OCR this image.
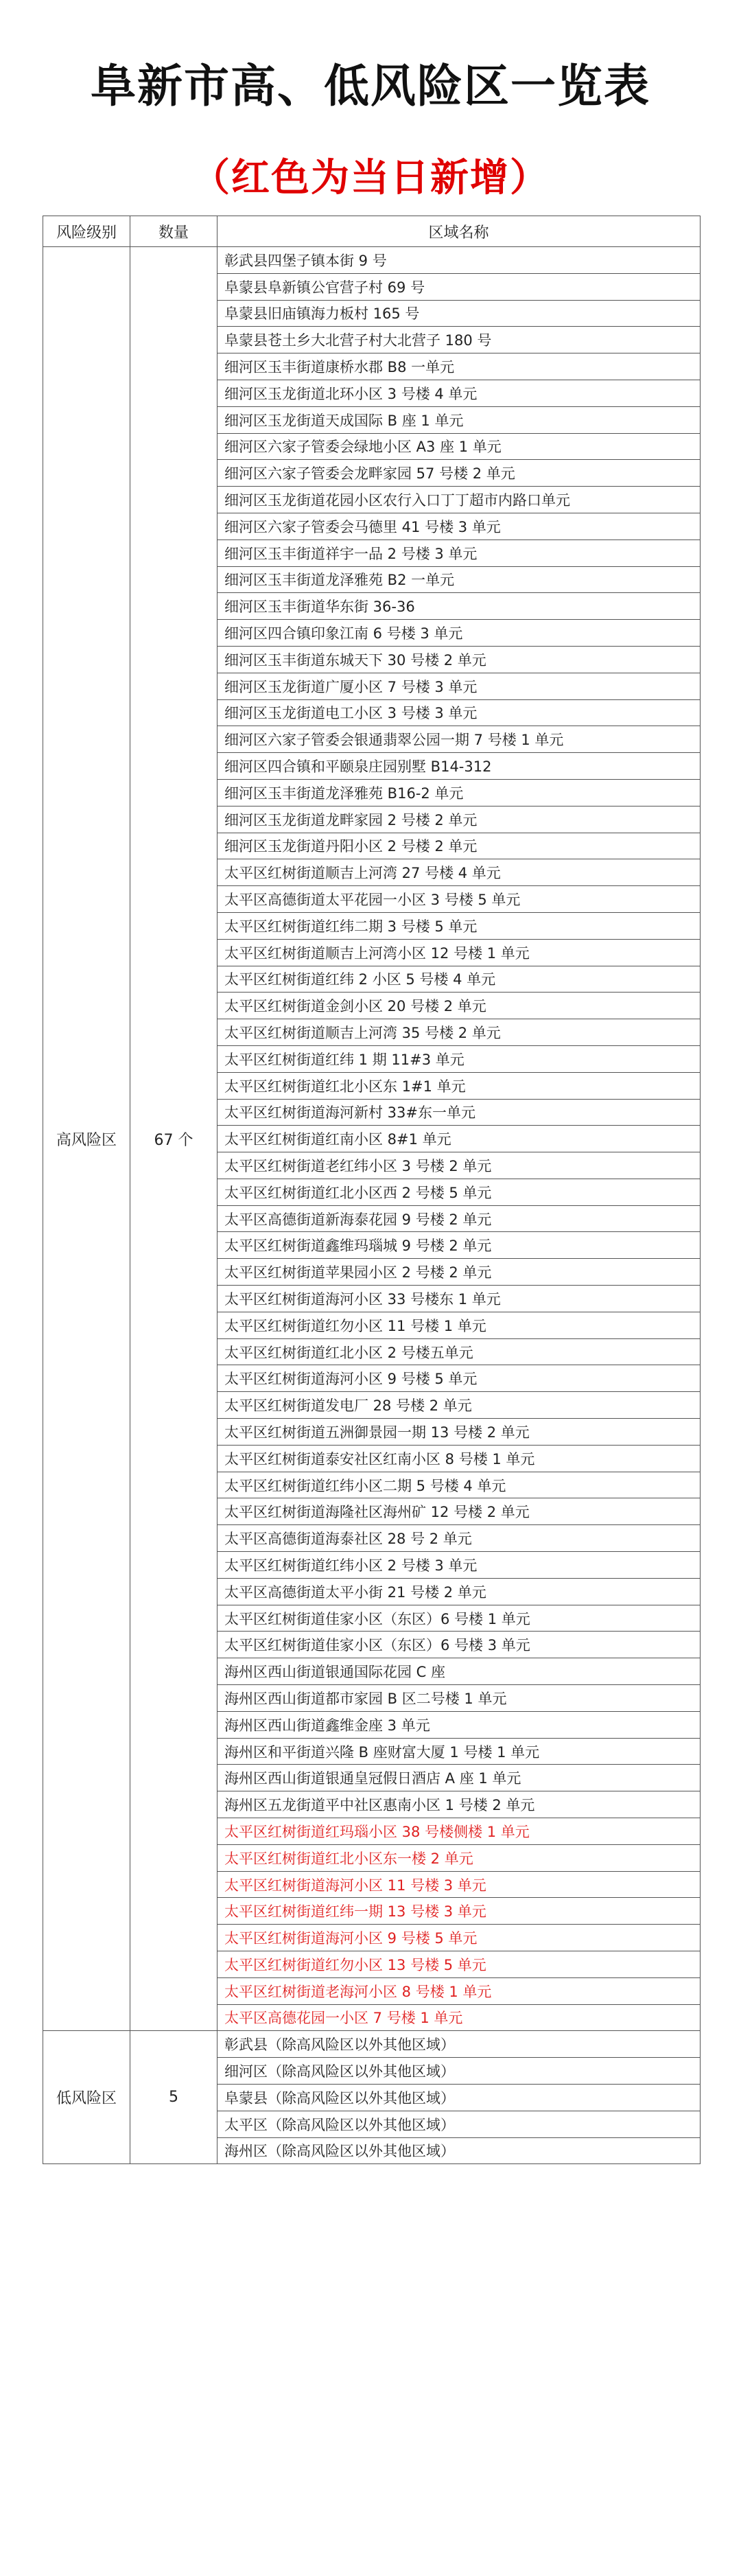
阜新市高、低风险区一览表
（红色为当日新增）
风险级别	数量	区域名称
高风险区	67 个	彰武县四堡子镇本街 9 号
		阜蒙县阜新镇公官营子村 69 号
		阜蒙县旧庙镇海力板村 165 号
		阜蒙县苍土乡大北营子村大北营子 180 号
		细河区玉丰街道康桥水郡 B8 一单元
		细河区玉龙街道北环小区 3 号楼 4 单元
		细河区玉龙街道天成国际 B 座 1 单元
		细河区六家子管委会绿地小区 A3 座 1 单元
		细河区六家子管委会龙畔家园 57 号楼 2 单元
		细河区玉龙街道花园小区农行入口丁丁超市内路口单元
		细河区六家子管委会马德里 41 号楼 3 单元
		细河区玉丰街道祥宇一品 2 号楼 3 单元
		细河区玉丰街道龙泽雅苑 B2 一单元
		细河区玉丰街道华东街 36-36
		细河区四合镇印象江南 6 号楼 3 单元
		细河区玉丰街道东城天下 30 号楼 2 单元
		细河区玉龙街道广厦小区 7 号楼 3 单元
		细河区玉龙街道电工小区 3 号楼 3 单元
		细河区六家子管委会银通翡翠公园一期 7 号楼 1 单元
		细河区四合镇和平颐泉庄园别墅 B14-312
		细河区玉丰街道龙泽雅苑 B16-2 单元
		细河区玉龙街道龙畔家园 2 号楼 2 单元
		细河区玉龙街道丹阳小区 2 号楼 2 单元
		太平区红树街道顺吉上河湾 27 号楼 4 单元
		太平区高德街道太平花园一小区 3 号楼 5 单元
		太平区红树街道红纬二期 3 号楼 5 单元
		太平区红树街道顺吉上河湾小区 12 号楼 1 单元
		太平区红树街道红纬 2 小区 5 号楼 4 单元
		太平区红树街道金剑小区 20 号楼 2 单元
		太平区红树街道顺吉上河湾 35 号楼 2 单元
		太平区红树街道红纬 1 期 11#3 单元
		太平区红树街道红北小区东 1#1 单元
		太平区红树街道海河新村 33#东一单元
		太平区红树街道红南小区 8#1 单元
		太平区红树街道老红纬小区 3 号楼 2 单元
		太平区红树街道红北小区西 2 号楼 5 单元
		太平区高德街道新海泰花园 9 号楼 2 单元
		太平区红树街道鑫维玛瑙城 9 号楼 2 单元
		太平区红树街道苹果园小区 2 号楼 2 单元
		太平区红树街道海河小区 33 号楼东 1 单元
		太平区红树街道红勿小区 11 号楼 1 单元
		太平区红树街道红北小区 2 号楼五单元
		太平区红树街道海河小区 9 号楼 5 单元
		太平区红树街道发电厂 28 号楼 2 单元
		太平区红树街道五洲御景园一期 13 号楼 2 单元
		太平区红树街道泰安社区红南小区 8 号楼 1 单元
		太平区红树街道红纬小区二期 5 号楼 4 单元
		太平区红树街道海隆社区海州矿 12 号楼 2 单元
		太平区高德街道海泰社区 28 号 2 单元
		太平区红树街道红纬小区 2 号楼 3 单元
		太平区高德街道太平小街 21 号楼 2 单元
		太平区红树街道佳家小区（东区）6 号楼 1 单元
		太平区红树街道佳家小区（东区）6 号楼 3 单元
		海州区西山街道银通国际花园 C 座
		海州区西山街道都市家园 B 区二号楼 1 单元
		海州区西山街道鑫维金座 3 单元
		海州区和平街道兴隆 B 座财富大厦 1 号楼 1 单元
		海州区西山街道银通皇冠假日酒店 A 座 1 单元
		海州区五龙街道平中社区惠南小区 1 号楼 2 单元
		太平区红树街道红玛瑙小区 38 号楼侧楼 1 单元
		太平区红树街道红北小区东一楼 2 单元
		太平区红树街道海河小区 11 号楼 3 单元
		太平区红树街道红纬一期 13 号楼 3 单元
		太平区红树街道海河小区 9 号楼 5 单元
		太平区红树街道红勿小区 13 号楼 5 单元
		太平区红树街道老海河小区 8 号楼 1 单元
		太平区高德花园一小区 7 号楼 1 单元
低风险区	5	彰武县（除高风险区以外其他区域）
		细河区（除高风险区以外其他区域）
		阜蒙县（除高风险区以外其他区域）
		太平区（除高风险区以外其他区域）
		海州区（除高风险区以外其他区域）
